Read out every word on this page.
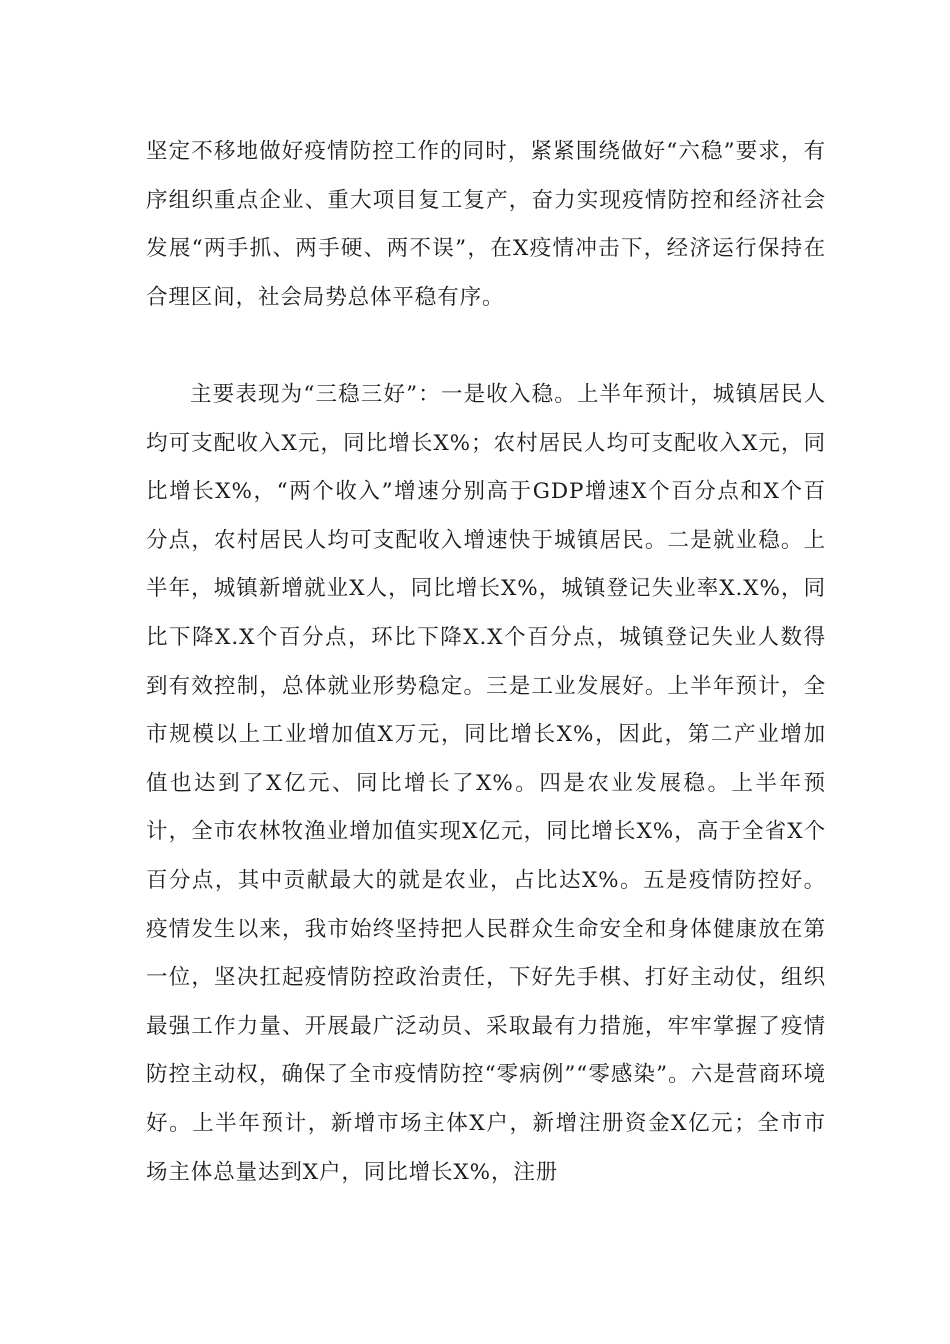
坚定不移地做好疫情防控工作的同时，紧紧围绕做好“六稳”要求，有序组织重点企业、重大项目复工复产，奋力实现疫情防控和经济社会发展“两手抓、两手硬、两不误”，在X疫情冲击下，经济运行保持在合理区间，社会局势总体平稳有序。

主要表现为“三稳三好”：一是收入稳。上半年预计，城镇居民人均可支配收入X元，同比增长X%；农村居民人均可支配收入X元，同比增长X%，“两个收入”增速分别高于GDP增速X个百分点和X个百分点，农村居民人均可支配收入增速快于城镇居民。二是就业稳。上半年，城镇新增就业X人，同比增长X%，城镇登记失业率X.X%，同比下降X.X个百分点，环比下降X.X个百分点，城镇登记失业人数得到有效控制，总体就业形势稳定。三是工业发展好。上半年预计，全市规模以上工业增加值X万元，同比增长X%，因此，第二产业增加值也达到了X亿元、同比增长了X%。四是农业发展稳。上半年预计，全市农林牧渔业增加值实现X亿元，同比增长X%，高于全省X个百分点，其中贡献最大的就是农业，占比达X%。五是疫情防控好。疫情发生以来，我市始终坚持把人民群众生命安全和身体健康放在第一位，坚决扛起疫情防控政治责任，下好先手棋、打好主动仗，组织最强工作力量、开展最广泛动员、采取最有力措施，牢牢掌握了疫情防控主动权，确保了全市疫情防控“零病例”“零感染”。六是营商环境好。上半年预计，新增市场主体X户，新增注册资金X亿元；全市市场主体总量达到X户，同比增长X%，注册
